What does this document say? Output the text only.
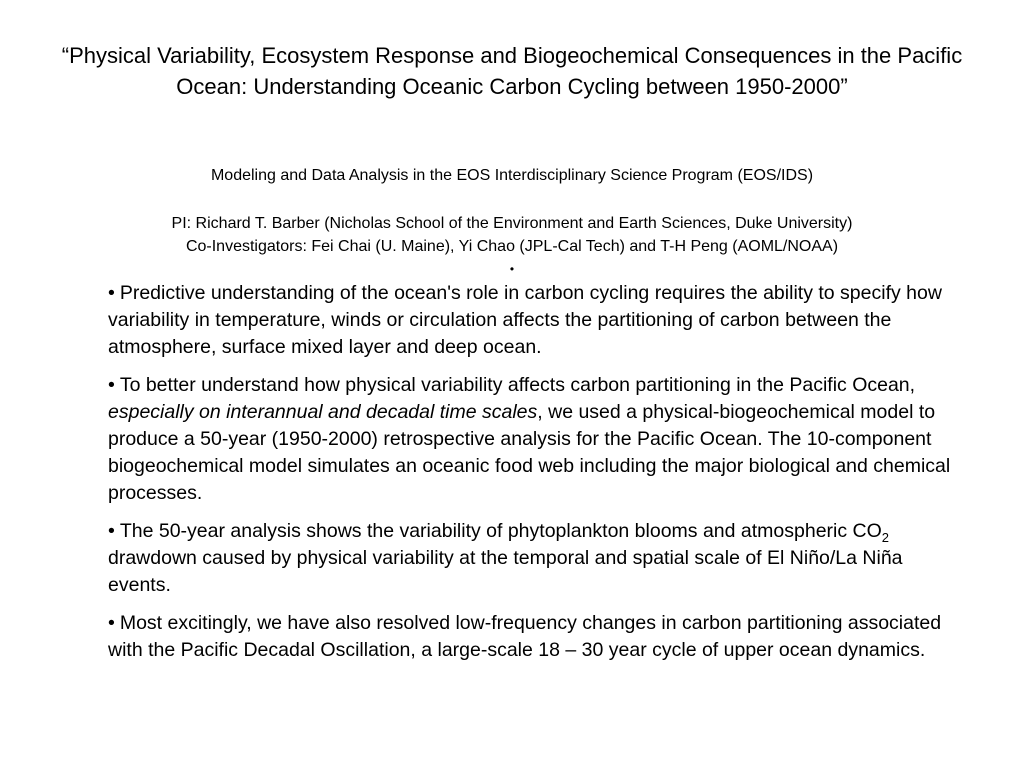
“Physical Variability, Ecosystem Response and Biogeochemical Consequences in the Pacific Ocean: Understanding Oceanic Carbon Cycling between 1950-2000”
Modeling and Data Analysis in the EOS Interdisciplinary Science Program (EOS/IDS)
PI: Richard T. Barber (Nicholas School of the Environment and Earth Sciences, Duke University)
Co-Investigators: Fei Chai (U. Maine), Yi Chao (JPL-Cal Tech) and T-H Peng (AOML/NOAA)
•
• Predictive understanding of the ocean's role in carbon cycling requires the ability to specify how variability in temperature, winds or circulation affects the partitioning of carbon between the atmosphere, surface mixed layer and deep ocean.
• To better understand how physical variability affects carbon partitioning in the Pacific Ocean, especially on interannual and decadal time scales, we used a physical-biogeochemical model to produce a 50-year (1950-2000) retrospective analysis for the Pacific Ocean. The 10-component biogeochemical model simulates an oceanic food web including the major biological and chemical processes.
• The 50-year analysis shows the variability of phytoplankton blooms and atmospheric $CO_2$ drawdown caused by physical variability at the temporal and spatial scale of El Niño/La Niña events.
• Most excitingly, we have also resolved low-frequency changes in carbon partitioning associated with the Pacific Decadal Oscillation, a large-scale 18 – 30 year cycle of upper ocean dynamics.
